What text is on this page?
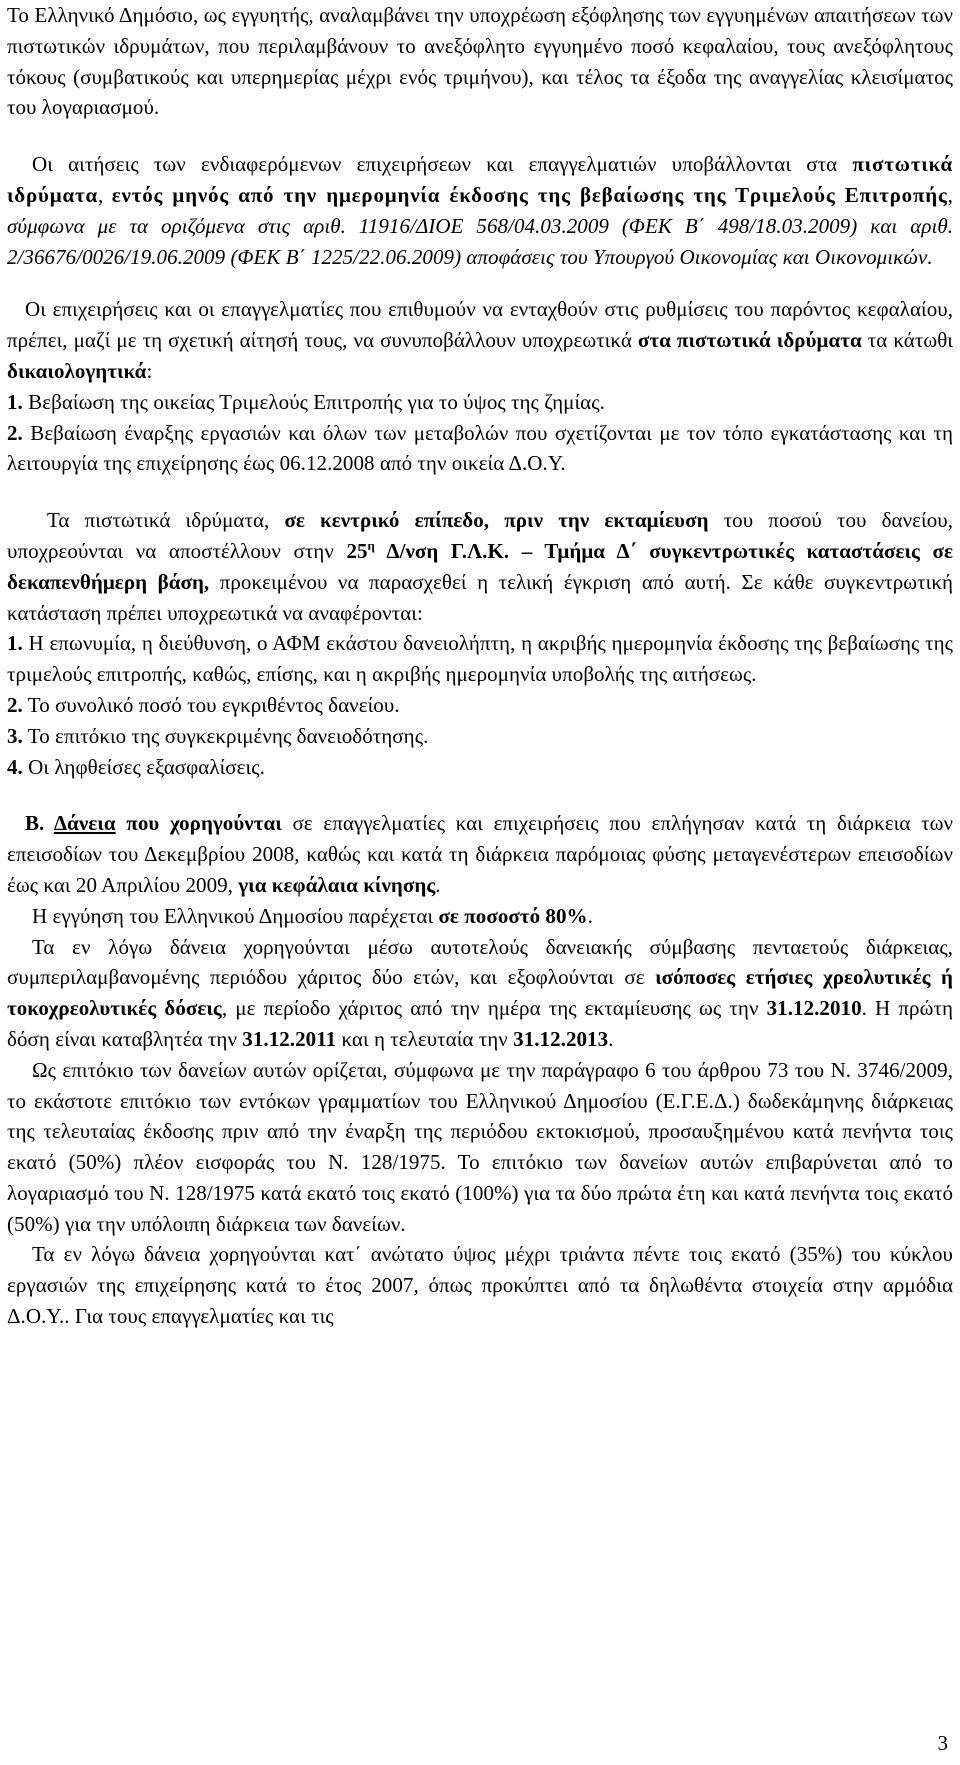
Το Ελληνικό Δημόσιο, ως εγγυητής, αναλαμβάνει την υποχρέωση εξόφλησης των εγγυημένων απαιτήσεων των πιστωτικών ιδρυμάτων, που περιλαμβάνουν το ανεξόφλητο εγγυημένο ποσό κεφαλαίου, τους ανεξόφλητους τόκους (συμβατικούς και υπερημερίας μέχρι ενός τριμήνου), και τέλος τα έξοδα της αναγγελίας κλεισίματος του λογαριασμού.

Οι αιτήσεις των ενδιαφερόμενων επιχειρήσεων και επαγγελματιών υποβάλλονται στα πιστωτικά ιδρύματα, εντός μηνός από την ημερομηνία έκδοσης της βεβαίωσης της Τριμελούς Επιτροπής, σύμφωνα με τα οριζόμενα στις αριθ. 11916/ΔΙΟΕ 568/04.03.2009 (ΦΕΚ Β΄ 498/18.03.2009) και αριθ. 2/36676/0026/19.06.2009 (ΦΕΚ Β΄ 1225/22.06.2009) αποφάσεις του Υπουργού Οικονομίας και Οικονομικών.

Οι επιχειρήσεις και οι επαγγελματίες που επιθυμούν να ενταχθούν στις ρυθμίσεις του παρόντος κεφαλαίου, πρέπει, μαζί με τη σχετική αίτησή τους, να συνυποβάλλουν υποχρεωτικά στα πιστωτικά ιδρύματα τα κάτωθι δικαιολογητικά:

1. Βεβαίωση της οικείας Τριμελούς Επιτροπής για το ύψος της ζημίας.

2. Βεβαίωση έναρξης εργασιών και όλων των μεταβολών που σχετίζονται με τον τόπο εγκατάστασης και τη λειτουργία της επιχείρησης έως 06.12.2008 από την οικεία Δ.Ο.Υ.

Τα πιστωτικά ιδρύματα, σε κεντρικό επίπεδο, πριν την εκταμίευση του ποσού του δανείου, υποχρεούνται να αποστέλλουν στην $25^\eta$ Δ/νση Γ.Λ.Κ. – Τμήμα Δ΄ συγκεντρωτικές καταστάσεις σε δεκαπενθήμερη βάση, προκειμένου να παρασχεθεί η τελική έγκριση από αυτή. Σε κάθε συγκεντρωτική κατάσταση πρέπει υποχρεωτικά να αναφέρονται:

1. Η επωνυμία, η διεύθυνση, ο ΑΦΜ εκάστου δανειολήπτη, η ακριβής ημερομηνία έκδοσης της βεβαίωσης της τριμελούς επιτροπής, καθώς, επίσης, και η ακριβής ημερομηνία υποβολής της αιτήσεως.

2. Το συνολικό ποσό του εγκριθέντος δανείου.

3. Το επιτόκιο της συγκεκριμένης δανειοδότησης.

4. Οι ληφθείσες εξασφαλίσεις.

Β. Δάνεια που χορηγούνται σε επαγγελματίες και επιχειρήσεις που επλήγησαν κατά τη διάρκεια των επεισοδίων του Δεκεμβρίου 2008, καθώς και κατά τη διάρκεια παρόμοιας φύσης μεταγενέστερων επεισοδίων έως και 20 Απριλίου 2009, για κεφάλαια κίνησης.

Η εγγύηση του Ελληνικού Δημοσίου παρέχεται σε ποσοστό 80%.

Τα εν λόγω δάνεια χορηγούνται μέσω αυτοτελούς δανειακής σύμβασης πενταετούς διάρκειας, συμπεριλαμβανομένης περιόδου χάριτος δύο ετών, και εξοφλούνται σε ισόποσες ετήσιες χρεολυτικές ή τοκοχρεολυτικές δόσεις, με περίοδο χάριτος από την ημέρα της εκταμίευσης ως την 31.12.2010. Η πρώτη δόση είναι καταβλητέα την 31.12.2011 και η τελευταία την 31.12.2013.

Ως επιτόκιο των δανείων αυτών ορίζεται, σύμφωνα με την παράγραφο 6 του άρθρου 73 του Ν. 3746/2009, το εκάστοτε επιτόκιο των εντόκων γραμματίων του Ελληνικού Δημοσίου (Ε.Γ.Ε.Δ.) δωδεκάμηνης διάρκειας της τελευταίας έκδοσης πριν από την έναρξη της περιόδου εκτοκισμού, προσαυξημένου κατά πενήντα τοις εκατό (50%) πλέον εισφοράς του Ν. 128/1975. Το επιτόκιο των δανείων αυτών επιβαρύνεται από το λογαριασμό του Ν. 128/1975 κατά εκατό τοις εκατό (100%) για τα δύο πρώτα έτη και κατά πενήντα τοις εκατό (50%) για την υπόλοιπη διάρκεια των δανείων.

Τα εν λόγω δάνεια χορηγούνται κατ΄ ανώτατο ύψος μέχρι τριάντα πέντε τοις εκατό (35%) του κύκλου εργασιών της επιχείρησης κατά το έτος 2007, όπως προκύπτει από τα δηλωθέντα στοιχεία στην αρμόδια Δ.Ο.Υ.. Για τους επαγγελματίες και τις

3
